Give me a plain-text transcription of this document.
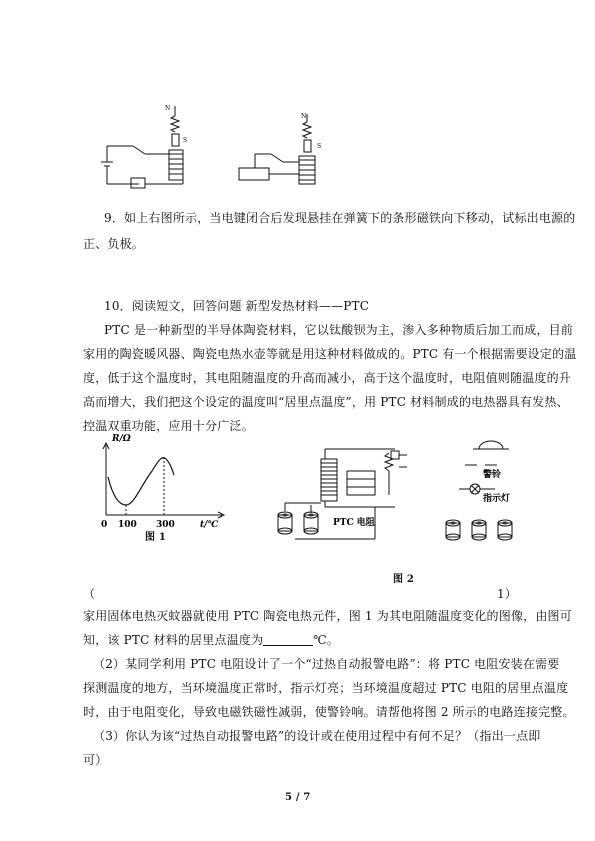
N
S
N
S
9．如上右图所示，当电键闭合后发现悬挂在弹簧下的条形磁铁向下移动，试标出电源的
正、负极。
10．阅读短文，回答问题 新型发热材料——PTC
PTC 是一种新型的半导体陶瓷材料，它以钛酸钡为主，渗入多种物质后加工而成，目前
家用的陶瓷暖风器、陶瓷电热水壶等就是用这种材料做成的。PTC 有一个根据需要设定的温
度，低于这个温度时，其电阻随温度的升高而减小，高于这个温度时，电阻值则随温度的升
高而增大，我们把这个设定的温度叫“居里点温度”，用 PTC 材料制成的电热器具有发热、
控温双重功能，应用十分广泛。
R/Ω
0 100 300	t/℃
图 1
PTC 电阻
警铃
指示灯
图 2
（	1）
家用固体电热灭蚊器就使用 PTC 陶瓷电热元件，图 1 为其电阻随温度变化的图像，由图可
知，该 PTC 材料的居里点温度为	℃。
（2）某同学利用 PTC 电阻设计了一个“过热自动报警电路”：将 PTC 电阻安装在需要
探测温度的地方，当环境温度正常时，指示灯亮；当环境温度超过 PTC 电阻的居里点温度
时，由于电阻变化，导致电磁铁磁性减弱，使警铃响。请帮他将图 2 所示的电路连接完整。
（3）你认为该“过热自动报警电路”的设计或在使用过程中有何不足？（指出一点即
可）
5 / 7
